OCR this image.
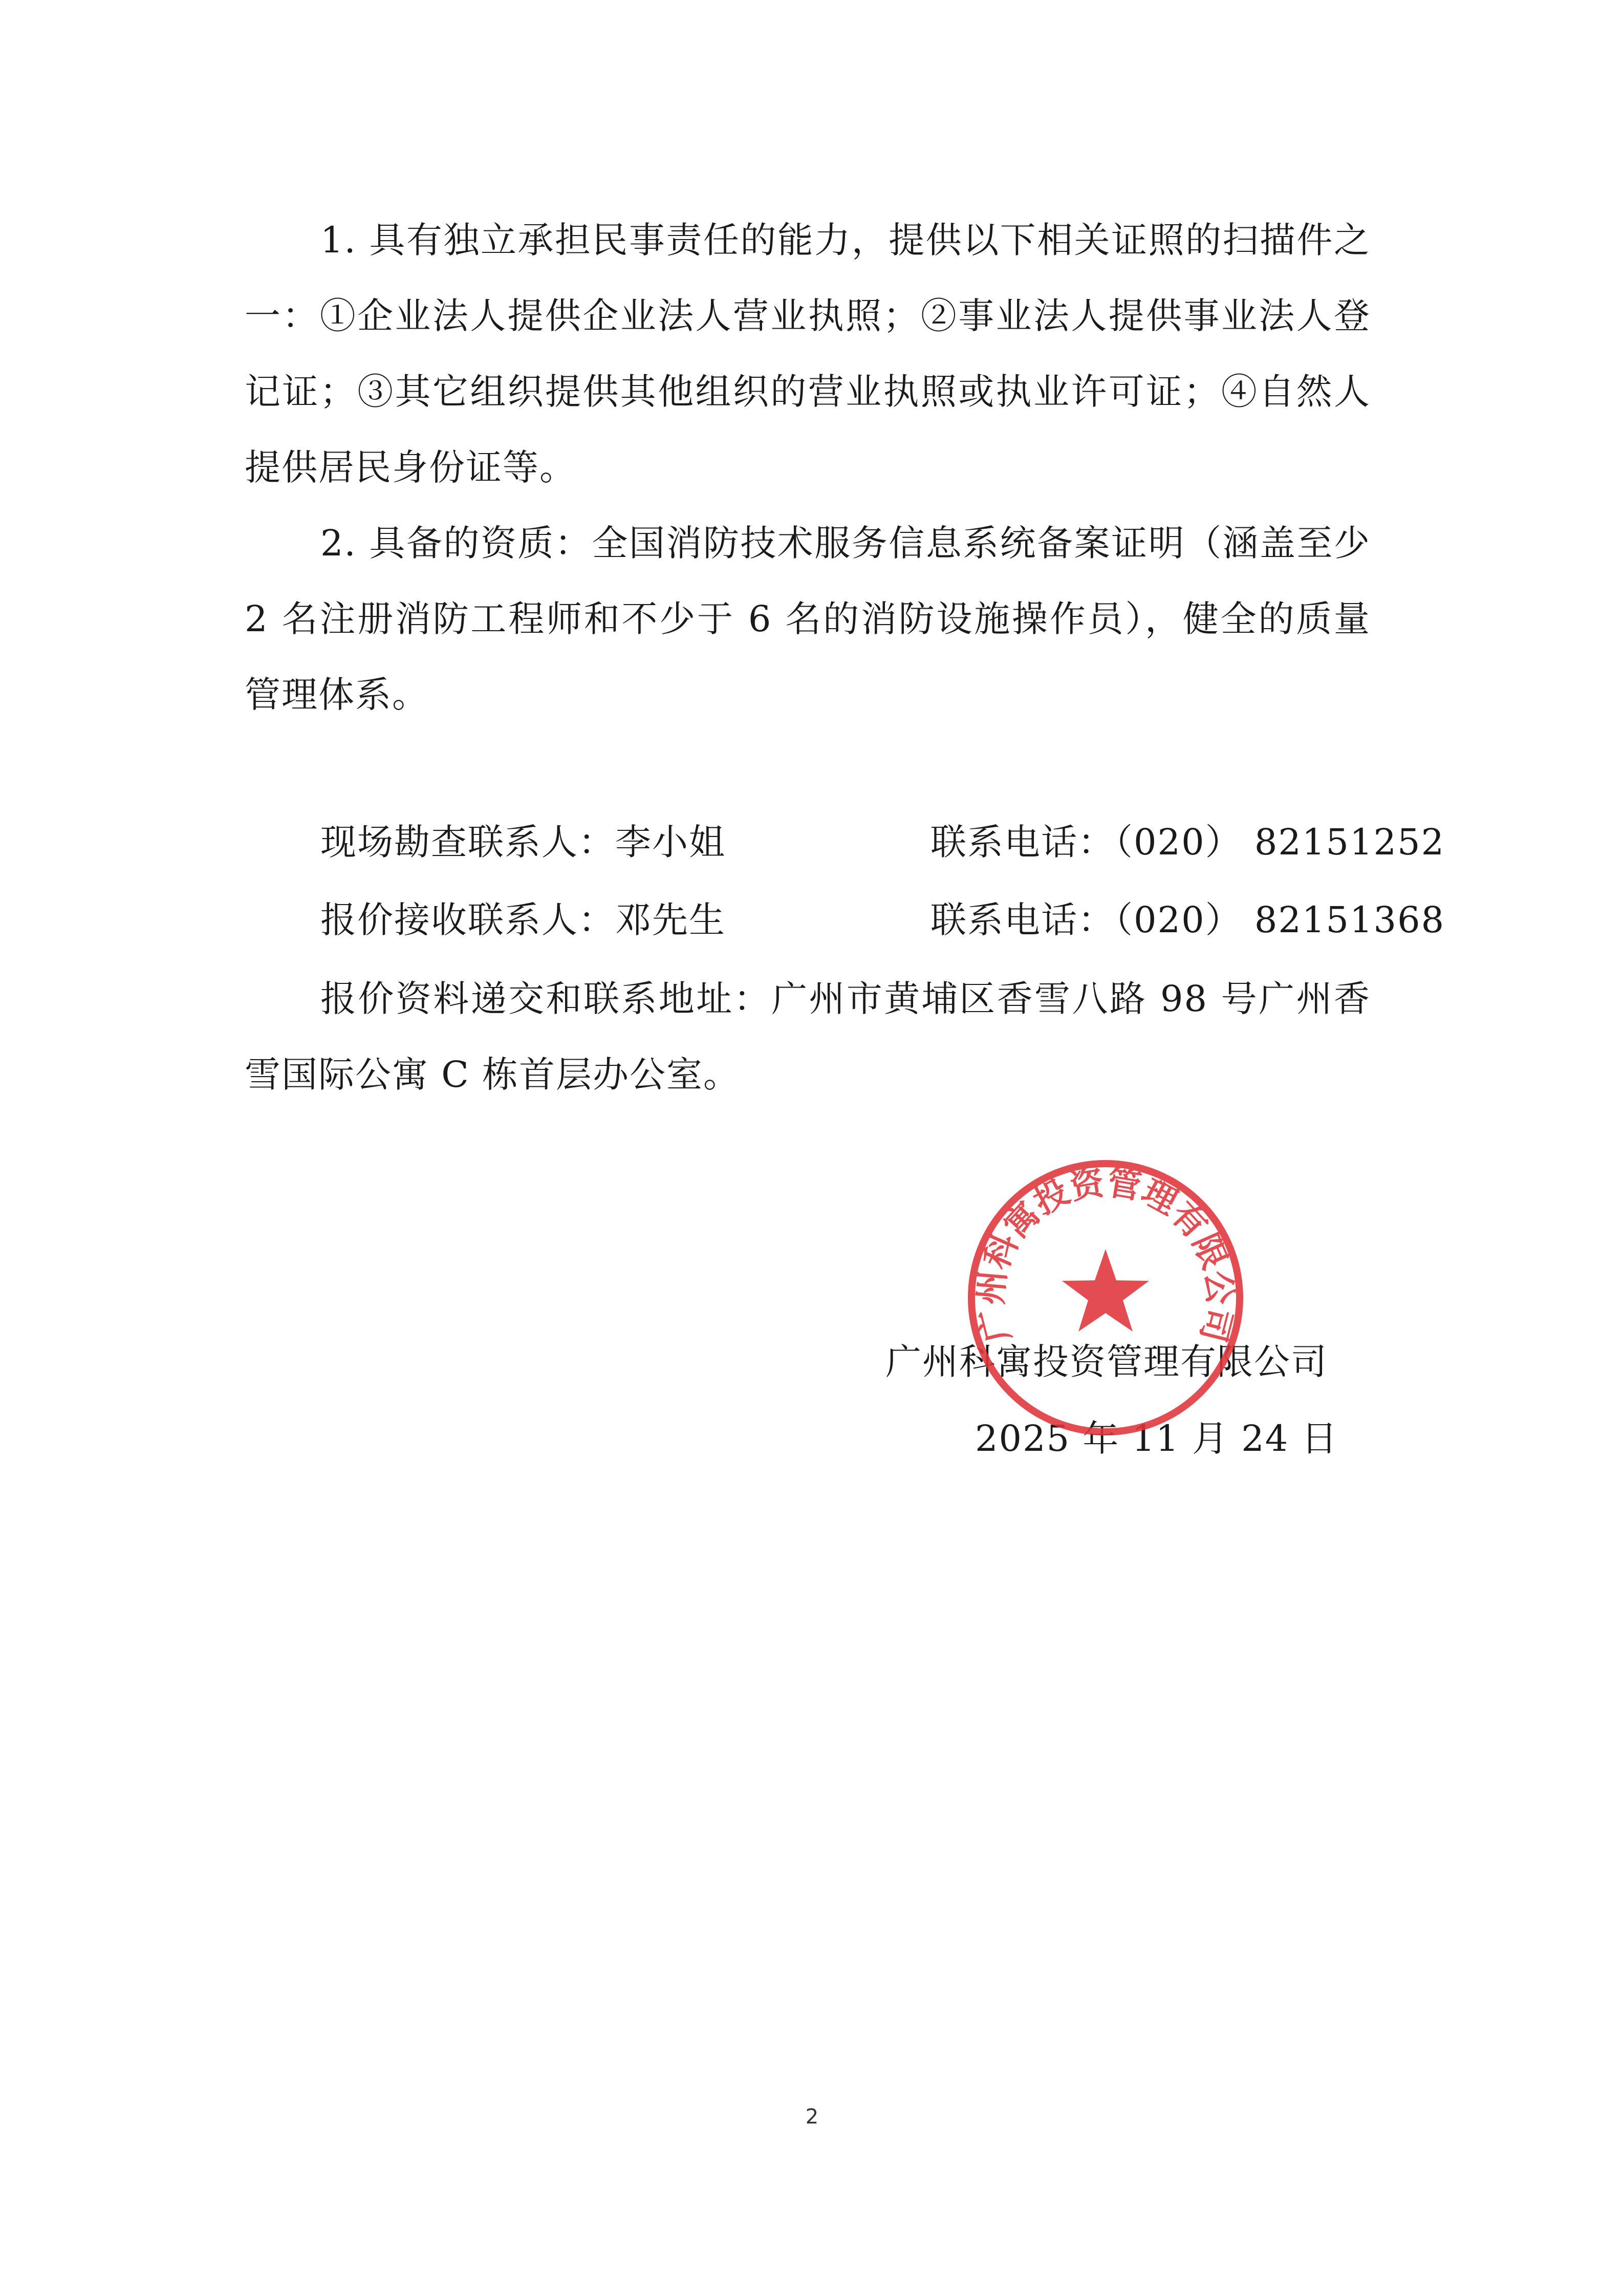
1. 具有独立承担民事责任的能力，提供以下相关证照的扫描件之一：①企业法人提供企业法人营业执照；②事业法人提供事业法人登记证；③其它组织提供其他组织的营业执照或执业许可证；④自然人提供居民身份证等。

2. 具备的资质：全国消防技术服务信息系统备案证明（涵盖至少 2 名注册消防工程师和不少于 6 名的消防设施操作员），健全的质量管理体系。

现场勘查联系人：李小姐	联系电话：（020） 82151252
报价接收联系人：邓先生	联系电话：（020） 82151368

报价资料递交和联系地址：广州市黄埔区香雪八路 98 号广州香雪国际公寓 C 栋首层办公室。

广州科寓投资管理有限公司
2025 年 11 月 24 日
广州科寓投资管理有限公司
2
